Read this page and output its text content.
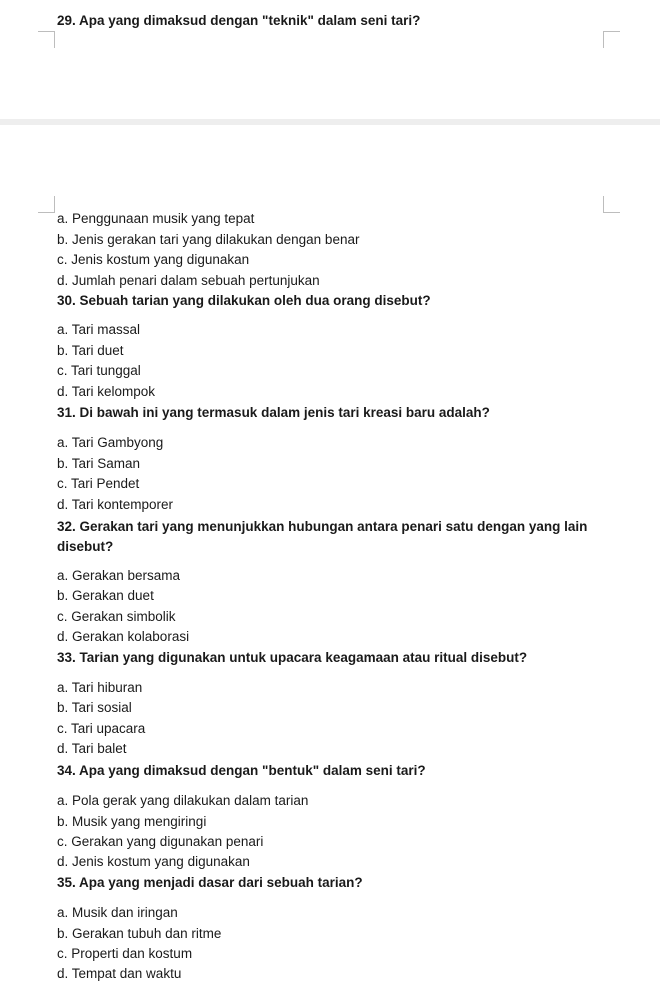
29. Apa yang dimaksud dengan "teknik" dalam seni tari?

a. Penggunaan musik yang tepat

b. Jenis gerakan tari yang dilakukan dengan benar

c. Jenis kostum yang digunakan

d. Jumlah penari dalam sebuah pertunjukan

30. Sebuah tarian yang dilakukan oleh dua orang disebut?

a. Tari massal

b. Tari duet

c. Tari tunggal

d. Tari kelompok

31. Di bawah ini yang termasuk dalam jenis tari kreasi baru adalah?

a. Tari Gambyong

b. Tari Saman

c. Tari Pendet

d. Tari kontemporer

32. Gerakan tari yang menunjukkan hubungan antara penari satu dengan yang lain disebut?

a. Gerakan bersama

b. Gerakan duet

c. Gerakan simbolik

d. Gerakan kolaborasi

33. Tarian yang digunakan untuk upacara keagamaan atau ritual disebut?

a. Tari hiburan

b. Tari sosial

c. Tari upacara

d. Tari balet

34. Apa yang dimaksud dengan "bentuk" dalam seni tari?

a. Pola gerak yang dilakukan dalam tarian

b. Musik yang mengiringi

c. Gerakan yang digunakan penari

d. Jenis kostum yang digunakan

35. Apa yang menjadi dasar dari sebuah tarian?

a. Musik dan iringan

b. Gerakan tubuh dan ritme

c. Properti dan kostum

d. Tempat dan waktu
